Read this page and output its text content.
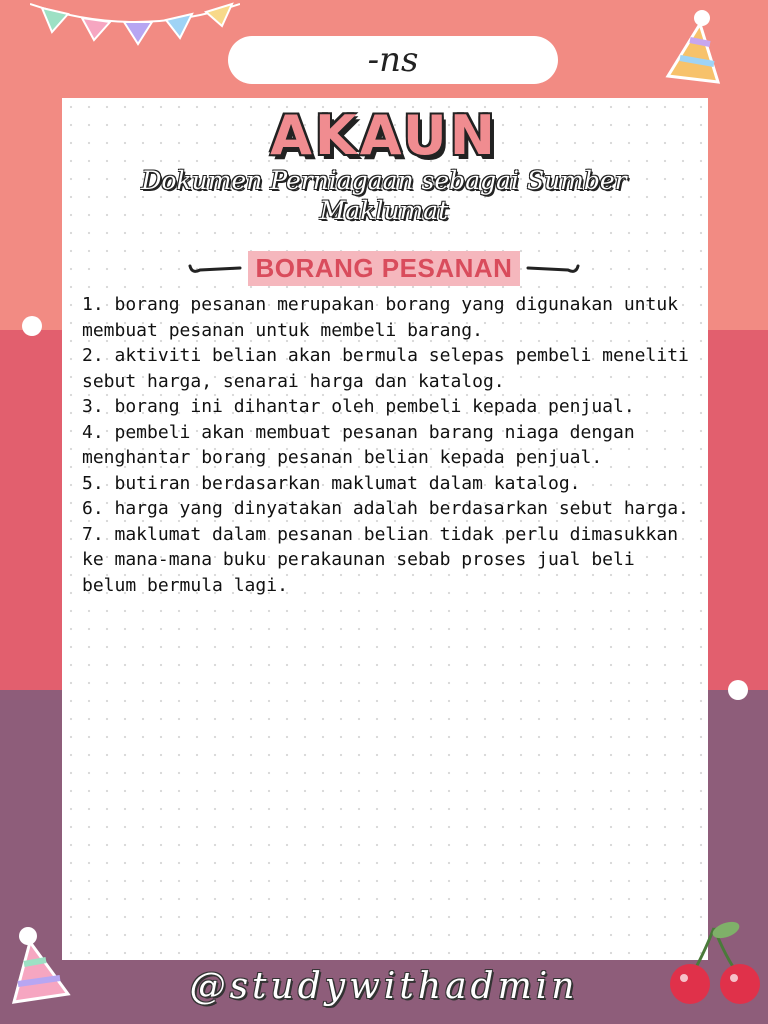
-ns
AKAUN
Dokumen Perniagaan sebagai Sumber Maklumat
BORANG PESANAN
1. borang pesanan merupakan borang yang digunakan untuk membuat pesanan untuk membeli barang.
2. aktiviti belian akan bermula selepas pembeli meneliti sebut harga, senarai harga dan katalog.
3. borang ini dihantar oleh pembeli kepada penjual.
4. pembeli akan membuat pesanan barang niaga dengan menghantar borang pesanan belian kepada penjual.
5. butiran berdasarkan maklumat dalam katalog.
6. harga yang dinyatakan adalah berdasarkan sebut harga.
7. maklumat dalam pesanan belian tidak perlu dimasukkan ke mana-mana buku perakaunan sebab proses jual beli belum bermula lagi.
@studywithadmin
